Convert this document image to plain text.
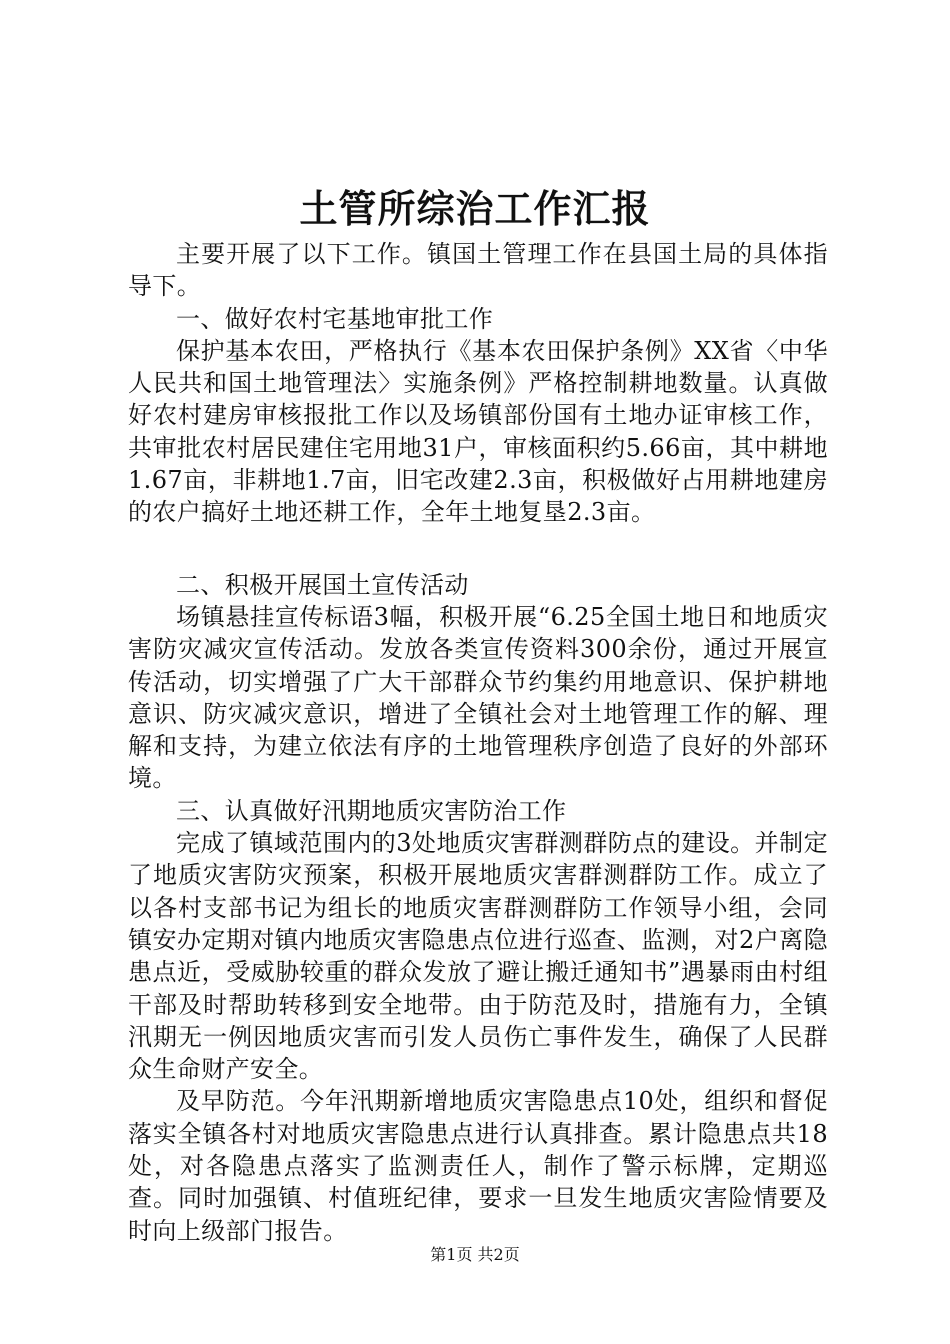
土管所综治工作汇报

主要开展了以下工作。镇国土管理工作在县国土局的具体指导下。

一、做好农村宅基地审批工作

保护基本农田，严格执行《基本农田保护条例》XX省〈中华人民共和国土地管理法〉实施条例》严格控制耕地数量。认真做好农村建房审核报批工作以及场镇部份国有土地办证审核工作，共审批农村居民建住宅用地31户，审核面积约5.66亩，其中耕地1.67亩，非耕地1.7亩，旧宅改建2.3亩，积极做好占用耕地建房的农户搞好土地还耕工作，全年土地复垦2.3亩。

二、积极开展国土宣传活动

场镇悬挂宣传标语3幅，积极开展“6.25全国土地日和地质灾害防灾减灾宣传活动。发放各类宣传资料300余份，通过开展宣传活动，切实增强了广大干部群众节约集约用地意识、保护耕地意识、防灾减灾意识，增进了全镇社会对土地管理工作的解、理解和支持，为建立依法有序的土地管理秩序创造了良好的外部环境。

三、认真做好汛期地质灾害防治工作

完成了镇域范围内的3处地质灾害群测群防点的建设。并制定了地质灾害防灾预案，积极开展地质灾害群测群防工作。成立了以各村支部书记为组长的地质灾害群测群防工作领导小组，会同镇安办定期对镇内地质灾害隐患点位进行巡查、监测，对2户离隐患点近，受威胁较重的群众发放了避让搬迁通知书”遇暴雨由村组干部及时帮助转移到安全地带。由于防范及时，措施有力，全镇汛期无一例因地质灾害而引发人员伤亡事件发生，确保了人民群众生命财产安全。

及早防范。今年汛期新增地质灾害隐患点10处，组织和督促落实全镇各村对地质灾害隐患点进行认真排查。累计隐患点共18处，对各隐患点落实了监测责任人，制作了警示标牌，定期巡查。同时加强镇、村值班纪律，要求一旦发生地质灾害险情要及时向上级部门报告。

第1页 共2页
